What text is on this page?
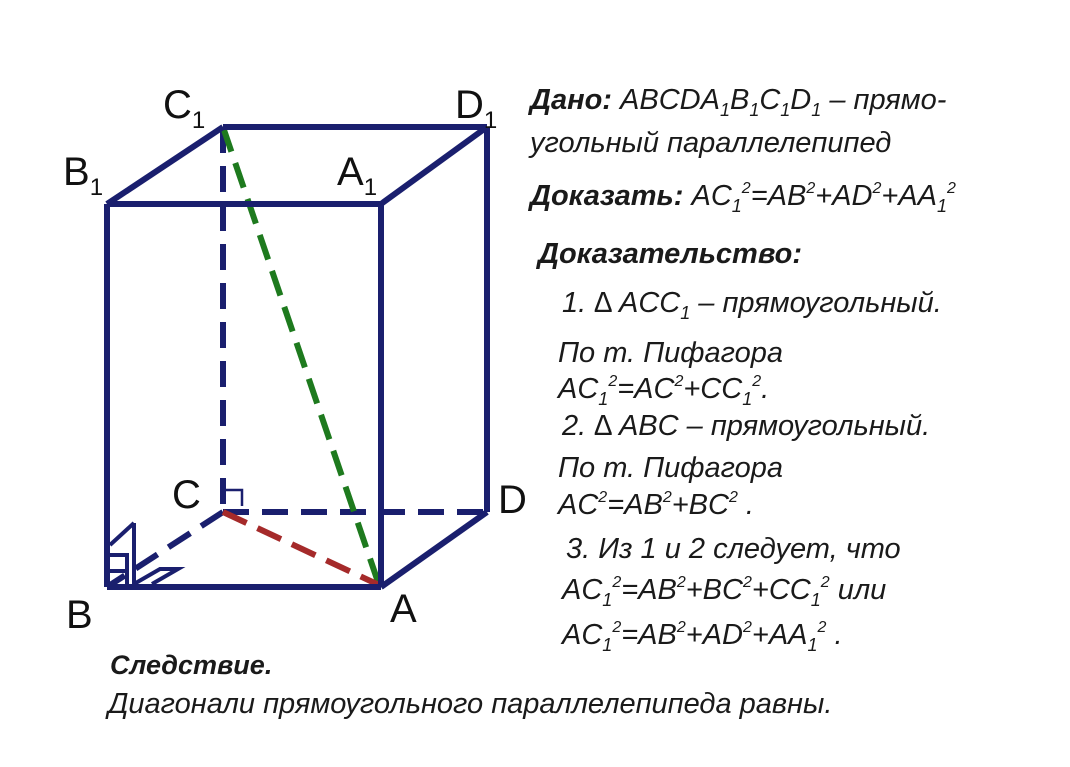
$C_1$	$D_1$
$B_1$	$A_1$
C	D
B	A

Дано: $ABCDA_1B_1C_1D_1$ – прямо-

угольный параллелепипед

Доказать: $AC_1^2=AB^2+AD^2+AA_1^2$

Доказательство:

1. ∆ $ACC_1$ – прямоугольный.

По т. Пифагора

$AC_1^2=AC^2+CC_1^2$.

2. ∆ ABC – прямоугольный.

По т. Пифагора

$AC^2=AB^2+BC^2$ .

3. Из 1 и 2 следует, что

$AC_1^2=AB^2+BC^2+CC_1^2$ или

$AC_1^2=AB^2+AD^2+AA_1^2$ .

Следствие.

Диагонали прямоугольного параллелепипеда равны.
